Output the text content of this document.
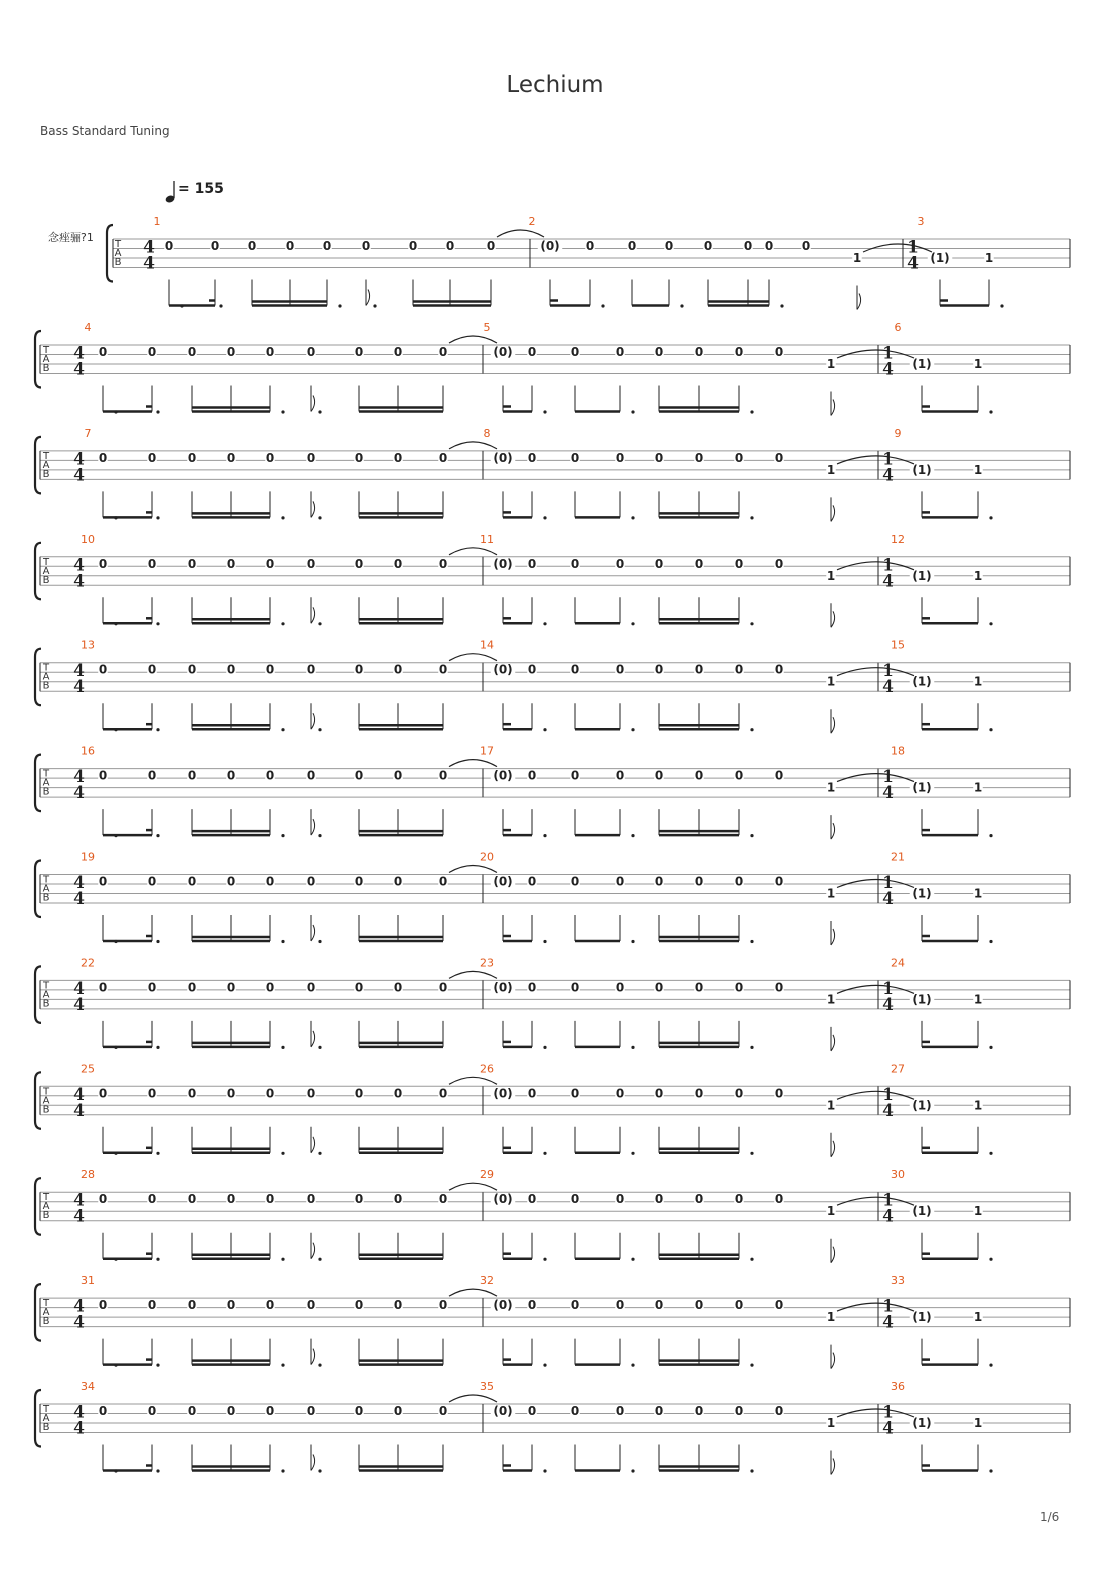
Lechium
Bass Standard Tuning
1/6
T
A
B
4
4
1
4
1	2	3
0	0 0 0 0	0	0 0	0	(0) 0	0 0	0	0 0 0
1	(1)	1
念痤骊?1
T
A
B
4
4
1
4
4	5	6
0	0	0	0	0	0	0	0	0	(0) 0	0	0	0	0	0	0
1	(1)	1
T
A
B
4
4
1
4
7	8	9
0	0	0	0	0	0	0	0	0	(0) 0	0	0	0	0	0	0
1	(1)	1
T
A
B
4
4
1
4
10	11	12
0	0	0	0	0	0	0	0	0	(0) 0	0	0	0	0	0	0
1	(1)	1
T
A
B
4
4
1
4
13	14	15
0	0	0	0	0	0	0	0	0	(0) 0	0	0	0	0	0	0
1	(1)	1
T
A
B
4
4
1
4
16	17	18
0	0	0	0	0	0	0	0	0	(0) 0	0	0	0	0	0	0
1	(1)	1
T
A
B
4
4
1
4
19	20	21
0	0	0	0	0	0	0	0	0	(0) 0	0	0	0	0	0	0
1	(1)	1
T
A
B
4
4
1
4
22	23	24
0	0	0	0	0	0	0	0	0	(0) 0	0	0	0	0	0	0
1	(1)	1
T
A
B
4
4
1
4
25	26	27
0	0	0	0	0	0	0	0	0	(0) 0	0	0	0	0	0	0
1	(1)	1
T
A
B
4
4
1
4
28	29	30
0	0	0	0	0	0	0	0	0	(0) 0	0	0	0	0	0	0
1	(1)	1
T
A
B
4
4
1
4
31	32	33
0	0	0	0	0	0	0	0	0	(0) 0	0	0	0	0	0	0
1	(1)	1
T
A
B
4
4
1
4
34	35	36
0	0	0	0	0	0	0	0	0	(0) 0	0	0	0	0	0	0
1	(1)	1
= 155
